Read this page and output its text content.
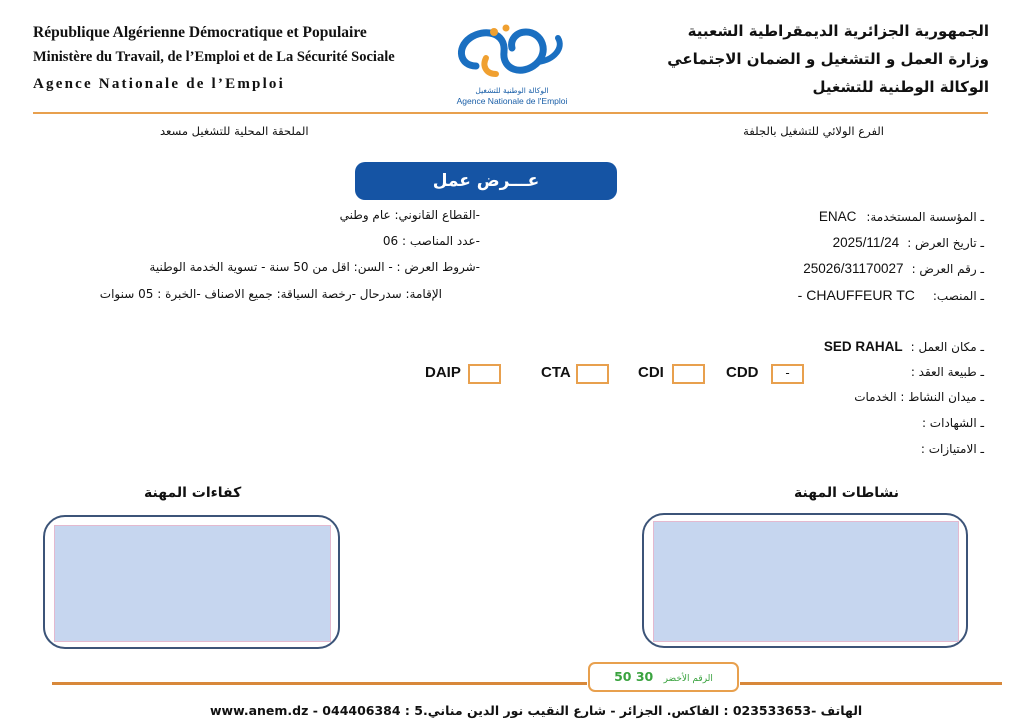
République Algérienne Démocratique et Populaire
Ministère du Travail, de l’Emploi et de La Sécurité Sociale
Agence Nationale de l’Emploi
الجمهورية الجزائرية الديمقراطية الشعبية
وزارة العمل و التشغيل و الضمان الاجتماعي
الوكالة الوطنية للتشغيل
الوكالة الوطنية للتشغيل
Agence Nationale de l'Emploi
الفرع الولائي للتشغيل بالجلفة
الملحقة المحلية للتشغيل مسعد
عـــرض عمل
ـ المؤسسة المستخدمة: ENAC
ـ تاريخ العرض : 2025/11/24
ـ رقم العرض : 25026/31170027
ـ المنصب: CHAUFFEUR TC -
-القطاع القانوني: عام وطني
-عدد المناصب : 06
-شروط العرض : - السن: اقل من 50 سنة - تسوية الخدمة الوطنية
الإقامة: سدرحال -رخصة السياقة: جميع الاصناف -الخبرة : 05 سنوات
ـ مكان العمل : SED RAHAL
ـ طبيعة العقد :
CDD	-
CDI
CTA
DAIP
ـ ميدان النشاط : الخدمات
ـ الشهادات :
ـ الامتيازات :
نشاطات المهنة
كفاءات المهنة
الرقم الأخضر 30 50
www.anem.dz - 044406384 : الهاتف -023533653 : الفاكس. الجزائر - شارع النقيب نور الدين مناني.5
